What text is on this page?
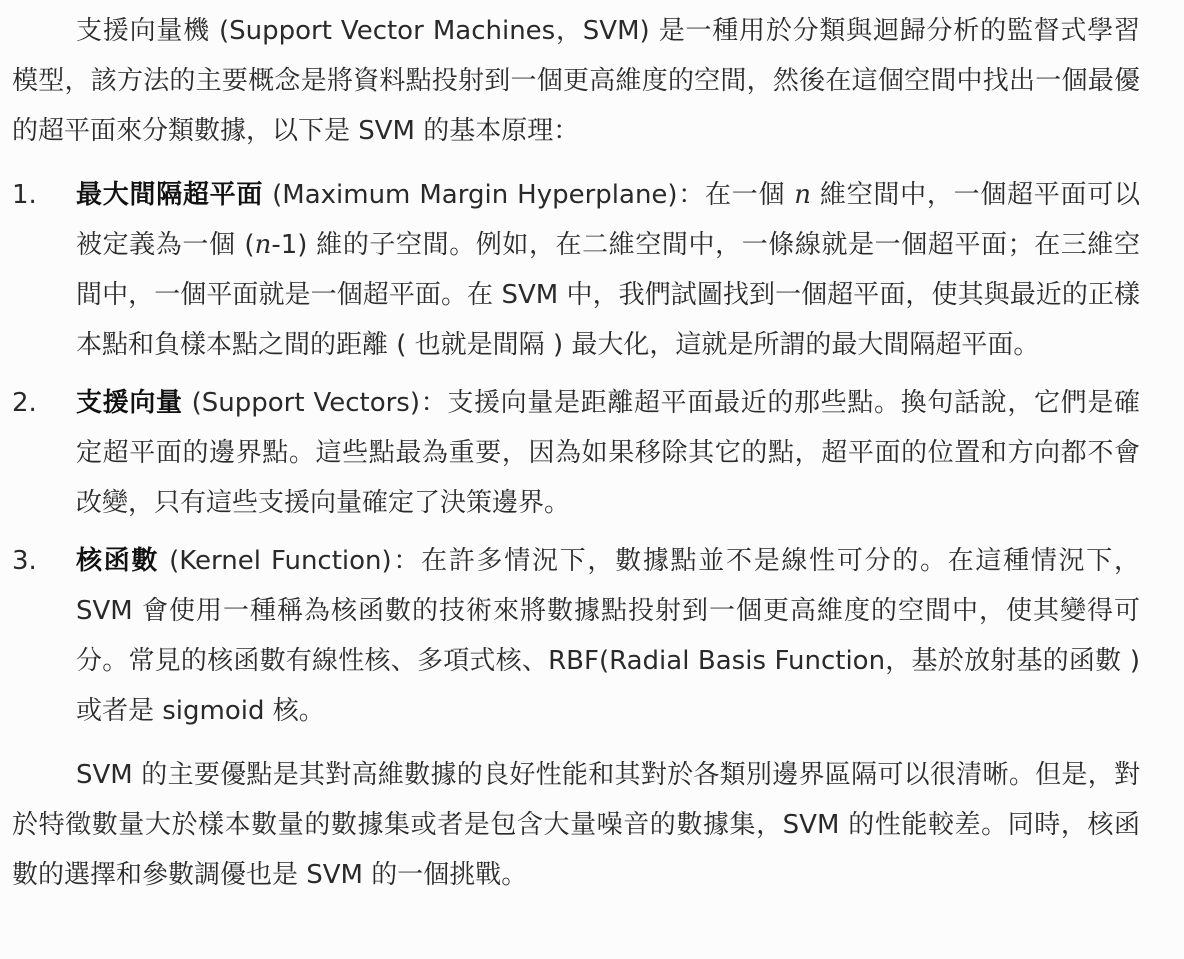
支援向量機 (Support Vector Machines，SVM) 是一種用於分類與迴歸分析的監督式學習模型，該方法的主要概念是將資料點投射到一個更高維度的空間，然後在這個空間中找出一個最優的超平面來分類數據，以下是 SVM 的基本原理：

1. 最大間隔超平面 (Maximum Margin Hyperplane)：在一個 n 維空間中，一個超平面可以被定義為一個 (n-1) 維的子空間。例如，在二維空間中，一條線就是一個超平面；在三維空間中，一個平面就是一個超平面。在 SVM 中，我們試圖找到一個超平面，使其與最近的正樣本點和負樣本點之間的距離 ( 也就是間隔 ) 最大化，這就是所謂的最大間隔超平面。
2. 支援向量 (Support Vectors)：支援向量是距離超平面最近的那些點。換句話說，它們是確定超平面的邊界點。這些點最為重要，因為如果移除其它的點，超平面的位置和方向都不會改變，只有這些支援向量確定了決策邊界。
3. 核函數 (Kernel Function)：在許多情況下，數據點並不是線性可分的。在這種情況下，SVM 會使用一種稱為核函數的技術來將數據點投射到一個更高維度的空間中，使其變得可分。常見的核函數有線性核、多項式核、RBF(Radial Basis Function，基於放射基的函數 ) 或者是 sigmoid 核。

SVM 的主要優點是其對高維數據的良好性能和其對於各類別邊界區隔可以很清晰。但是，對於特徵數量大於樣本數量的數據集或者是包含大量噪音的數據集，SVM 的性能較差。同時，核函數的選擇和參數調優也是 SVM 的一個挑戰。
